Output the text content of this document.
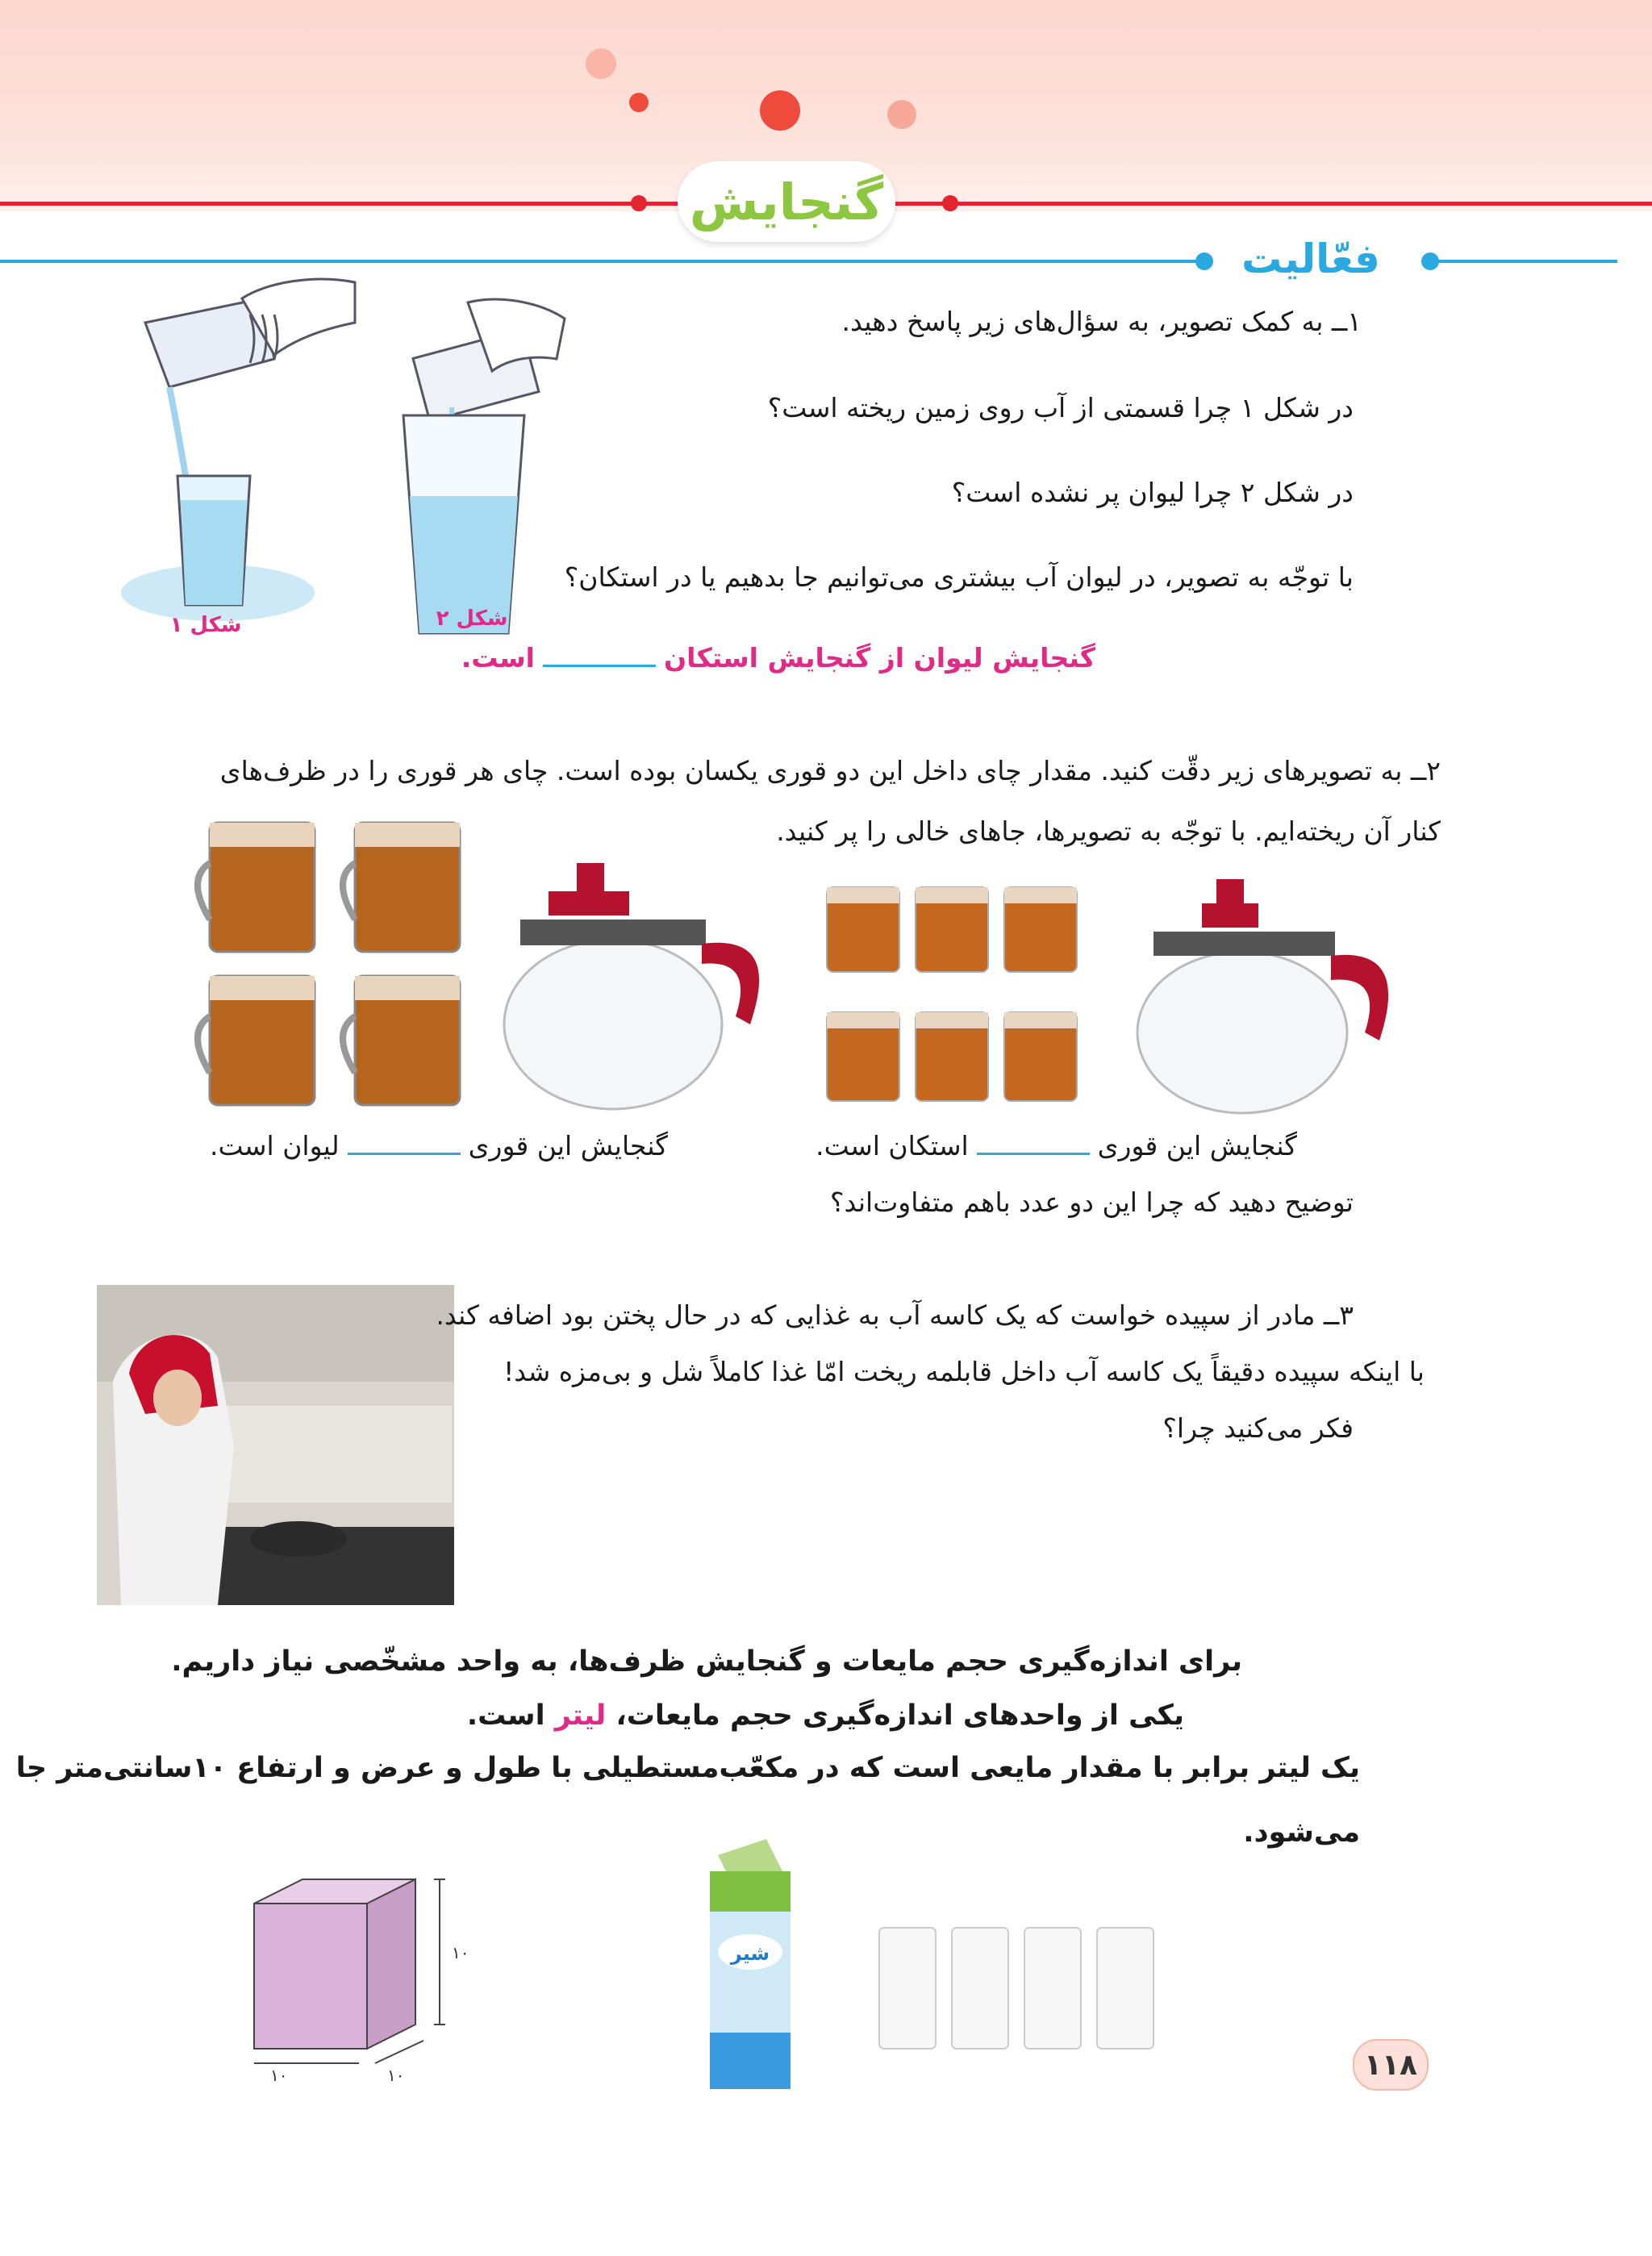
گنجایش
فعّالیت
شکل ۱	شکل ۲
۱ــ به کمک تصویر، به سؤال‌های زیر پاسخ دهید.
در شکل ۱ چرا قسمتی از آب روی زمین ریخته است؟
در شکل ۲ چرا لیوان پر نشده است؟
با توجّه به تصویر، در لیوان آب بیشتری می‌توانیم جا بدهیم یا در استکان؟
گنجایش لیوان از گنجایش استکاناست.
۲ــ به تصویرهای زیر دقّت کنید. مقدار چای داخل این دو قوری یکسان بوده است. چای هر قوری را در ظرف‌های
کنار آن ریخته‌ایم. با توجّه به تصویرها، جاهای خالی را پر کنید.
گنجایش این قوریاستکان است.
گنجایش این قوریلیوان است.
توضیح دهید که چرا این دو عدد باهم متفاوت‌اند؟
۳ــ مادر از سپیده خواست که یک کاسه آب به غذایی که در حال پختن بود اضافه کند.
با اینکه سپیده دقیقاً یک کاسه آب داخل قابلمه ریخت امّا غذا کاملاً شل و بی‌مزه شد!
فکر می‌کنید چرا؟
برای اندازه‌گیری حجم مایعات و گنجایش ظرف‌ها، به واحد مشخّصی نیاز داریم.
یکی از واحدهای اندازه‌گیری حجم مایعات، لیتر است.
یک لیتر برابر با مقدار مایعی است که در مکعّب‌مستطیلی با طول و عرض و ارتفاع ۱۰سانتی‌متر جا
می‌شود.
۱۰
۱۰	۱۰
شیر
۱۱۸
